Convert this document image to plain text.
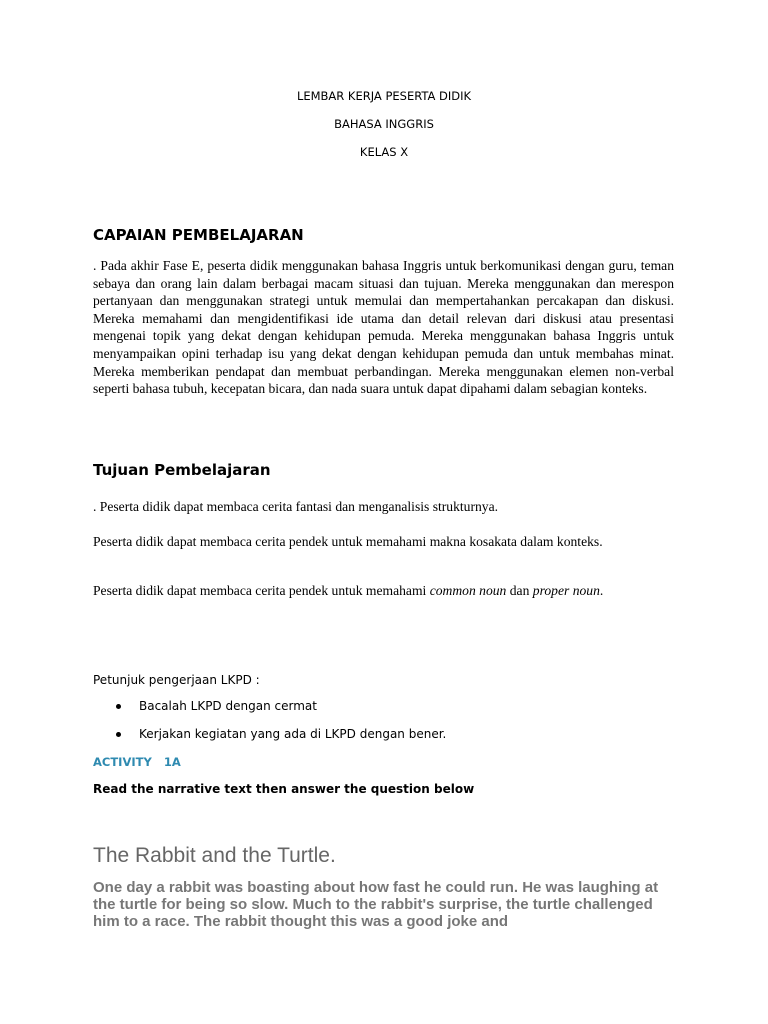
LEMBAR KERJA PESERTA DIDIK
BAHASA INGGRIS
KELAS X
CAPAIAN PEMBELAJARAN

. Pada akhir Fase E, peserta didik menggunakan bahasa Inggris untuk berkomunikasi dengan guru, teman sebaya dan orang lain dalam berbagai macam situasi dan tujuan. Mereka menggunakan dan merespon pertanyaan dan menggunakan strategi untuk memulai dan mempertahankan percakapan dan diskusi. Mereka memahami dan mengidentifikasi ide utama dan detail relevan dari diskusi atau presentasi mengenai topik yang dekat dengan kehidupan pemuda. Mereka menggunakan bahasa Inggris untuk menyampaikan opini terhadap isu yang dekat dengan kehidupan pemuda dan untuk membahas minat. Mereka memberikan pendapat dan membuat perbandingan. Mereka menggunakan elemen non-verbal seperti bahasa tubuh, kecepatan bicara, dan nada suara untuk dapat dipahami dalam sebagian konteks.

Tujuan Pembelajaran

. Peserta didik dapat membaca cerita fantasi dan menganalisis strukturnya.

Peserta didik dapat membaca cerita pendek untuk memahami makna kosakata dalam konteks.

Peserta didik dapat membaca cerita pendek untuk memahami common noun dan proper noun.

Petunjuk pengerjaan LKPD :

Bacalah LKPD dengan cermat
Kerjakan kegiatan yang ada di LKPD dengan bener.
ACTIVITY   1A
Read the narrative text then answer the question below
The Rabbit and the Turtle.

One day a rabbit was boasting about how fast he could run. He was laughing at the turtle for being so slow. Much to the rabbit's surprise, the turtle challenged him to a race. The rabbit thought this was a good joke and
